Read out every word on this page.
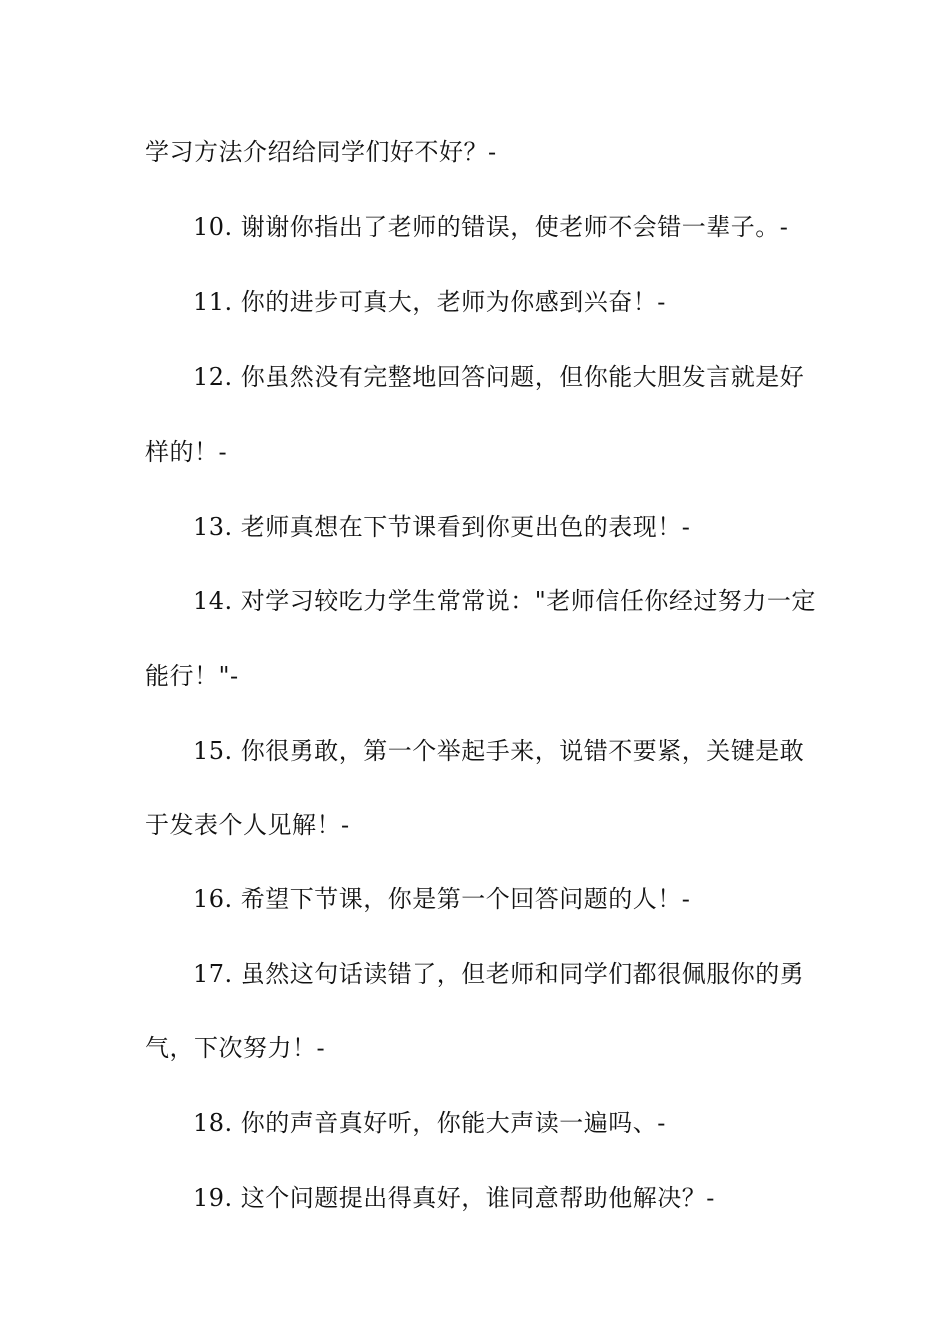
学习方法介绍给同学们好不好？-
10. 谢谢你指出了老师的错误，使老师不会错一辈子。-
11. 你的进步可真大，老师为你感到兴奋！-
12. 你虽然没有完整地回答问题，但你能大胆发言就是好
样的！-
13. 老师真想在下节课看到你更出色的表现！-
14. 对学习较吃力学生常常说："老师信任你经过努力一定
能行！"-
15. 你很勇敢，第一个举起手来，说错不要紧，关键是敢
于发表个人见解！-
16. 希望下节课，你是第一个回答问题的人！-
17. 虽然这句话读错了，但老师和同学们都很佩服你的勇
气，下次努力！-
18. 你的声音真好听，你能大声读一遍吗、-
19. 这个问题提出得真好，谁同意帮助他解决？-
